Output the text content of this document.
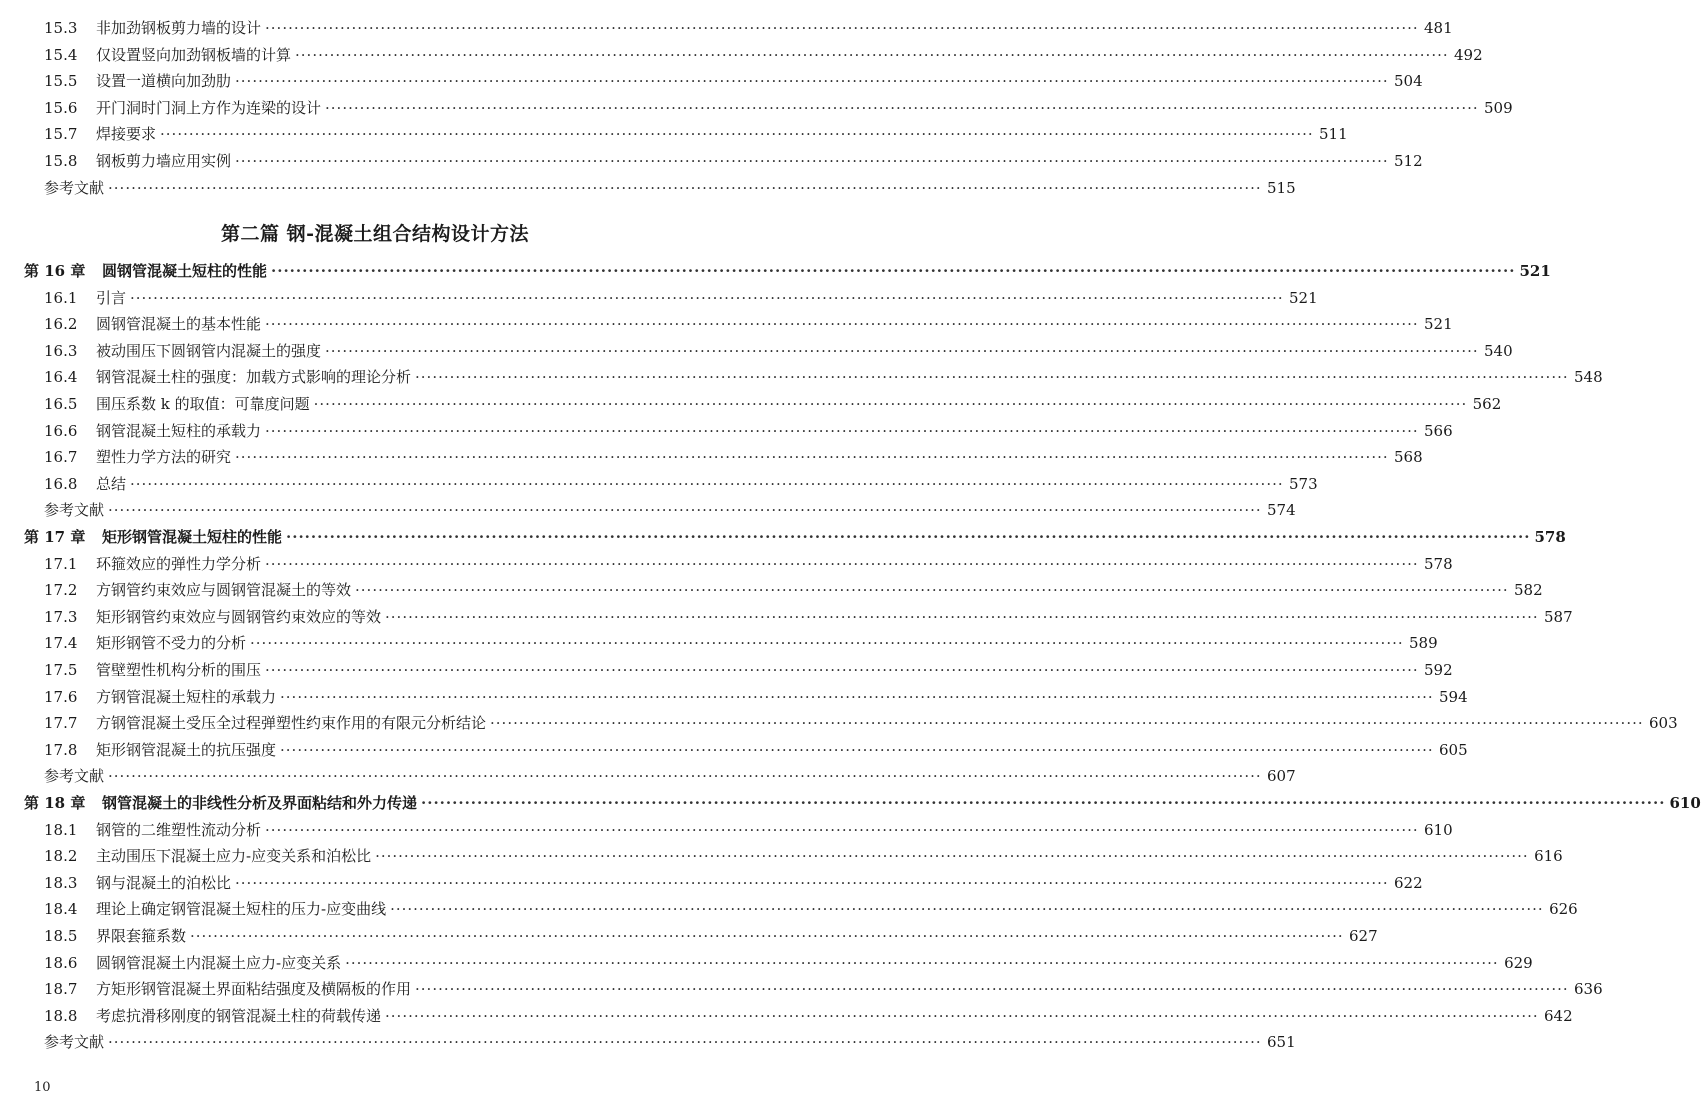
第二篇 钢-混凝土组合结构设计方法
15.3	非加劲钢板剪力墙的设计 ········································································································································································································ 481
15.4	仅设置竖向加劲钢板墙的计算 ········································································································································································································ 492
15.5	设置一道横向加劲肋 ········································································································································································································ 504
15.6	开门洞时门洞上方作为连梁的设计 ········································································································································································································ 509
15.7	焊接要求 ········································································································································································································ 511
15.8	钢板剪力墙应用实例 ········································································································································································································ 512
参考文献 ········································································································································································································ 515
第 16 章	圆钢管混凝土短柱的性能 ········································································································································································································ 521
16.1	引言 ········································································································································································································ 521
16.2	圆钢管混凝土的基本性能 ········································································································································································································ 521
16.3	被动围压下圆钢管内混凝土的强度 ········································································································································································································ 540
16.4	钢管混凝土柱的强度：加载方式影响的理论分析 ········································································································································································································ 548
16.5	围压系数 k 的取值：可靠度问题 ········································································································································································································ 562
16.6	钢管混凝土短柱的承载力 ········································································································································································································ 566
16.7	塑性力学方法的研究 ········································································································································································································ 568
16.8	总结 ········································································································································································································ 573
参考文献 ········································································································································································································ 574
第 17 章	矩形钢管混凝土短柱的性能 ········································································································································································································ 578
17.1	环箍效应的弹性力学分析 ········································································································································································································ 578
17.2	方钢管约束效应与圆钢管混凝土的等效 ········································································································································································································ 582
17.3	矩形钢管约束效应与圆钢管约束效应的等效 ········································································································································································································ 587
17.4	矩形钢管不受力的分析 ········································································································································································································ 589
17.5	管壁塑性机构分析的围压 ········································································································································································································ 592
17.6	方钢管混凝土短柱的承载力 ········································································································································································································ 594
17.7	方钢管混凝土受压全过程弹塑性约束作用的有限元分析结论 ········································································································································································································ 603
17.8	矩形钢管混凝土的抗压强度 ········································································································································································································ 605
参考文献 ········································································································································································································ 607
第 18 章	钢管混凝土的非线性分析及界面粘结和外力传递 ········································································································································································································ 610
18.1	钢管的二维塑性流动分析 ········································································································································································································ 610
18.2	主动围压下混凝土应力-应变关系和泊松比 ········································································································································································································ 616
18.3	钢与混凝土的泊松比 ········································································································································································································ 622
18.4	理论上确定钢管混凝土短柱的压力-应变曲线 ········································································································································································································ 626
18.5	界限套箍系数 ········································································································································································································ 627
18.6	圆钢管混凝土内混凝土应力-应变关系 ········································································································································································································ 629
18.7	方矩形钢管混凝土界面粘结强度及横隔板的作用 ········································································································································································································ 636
18.8	考虑抗滑移刚度的钢管混凝土柱的荷载传递 ········································································································································································································ 642
参考文献 ········································································································································································································ 651
10
